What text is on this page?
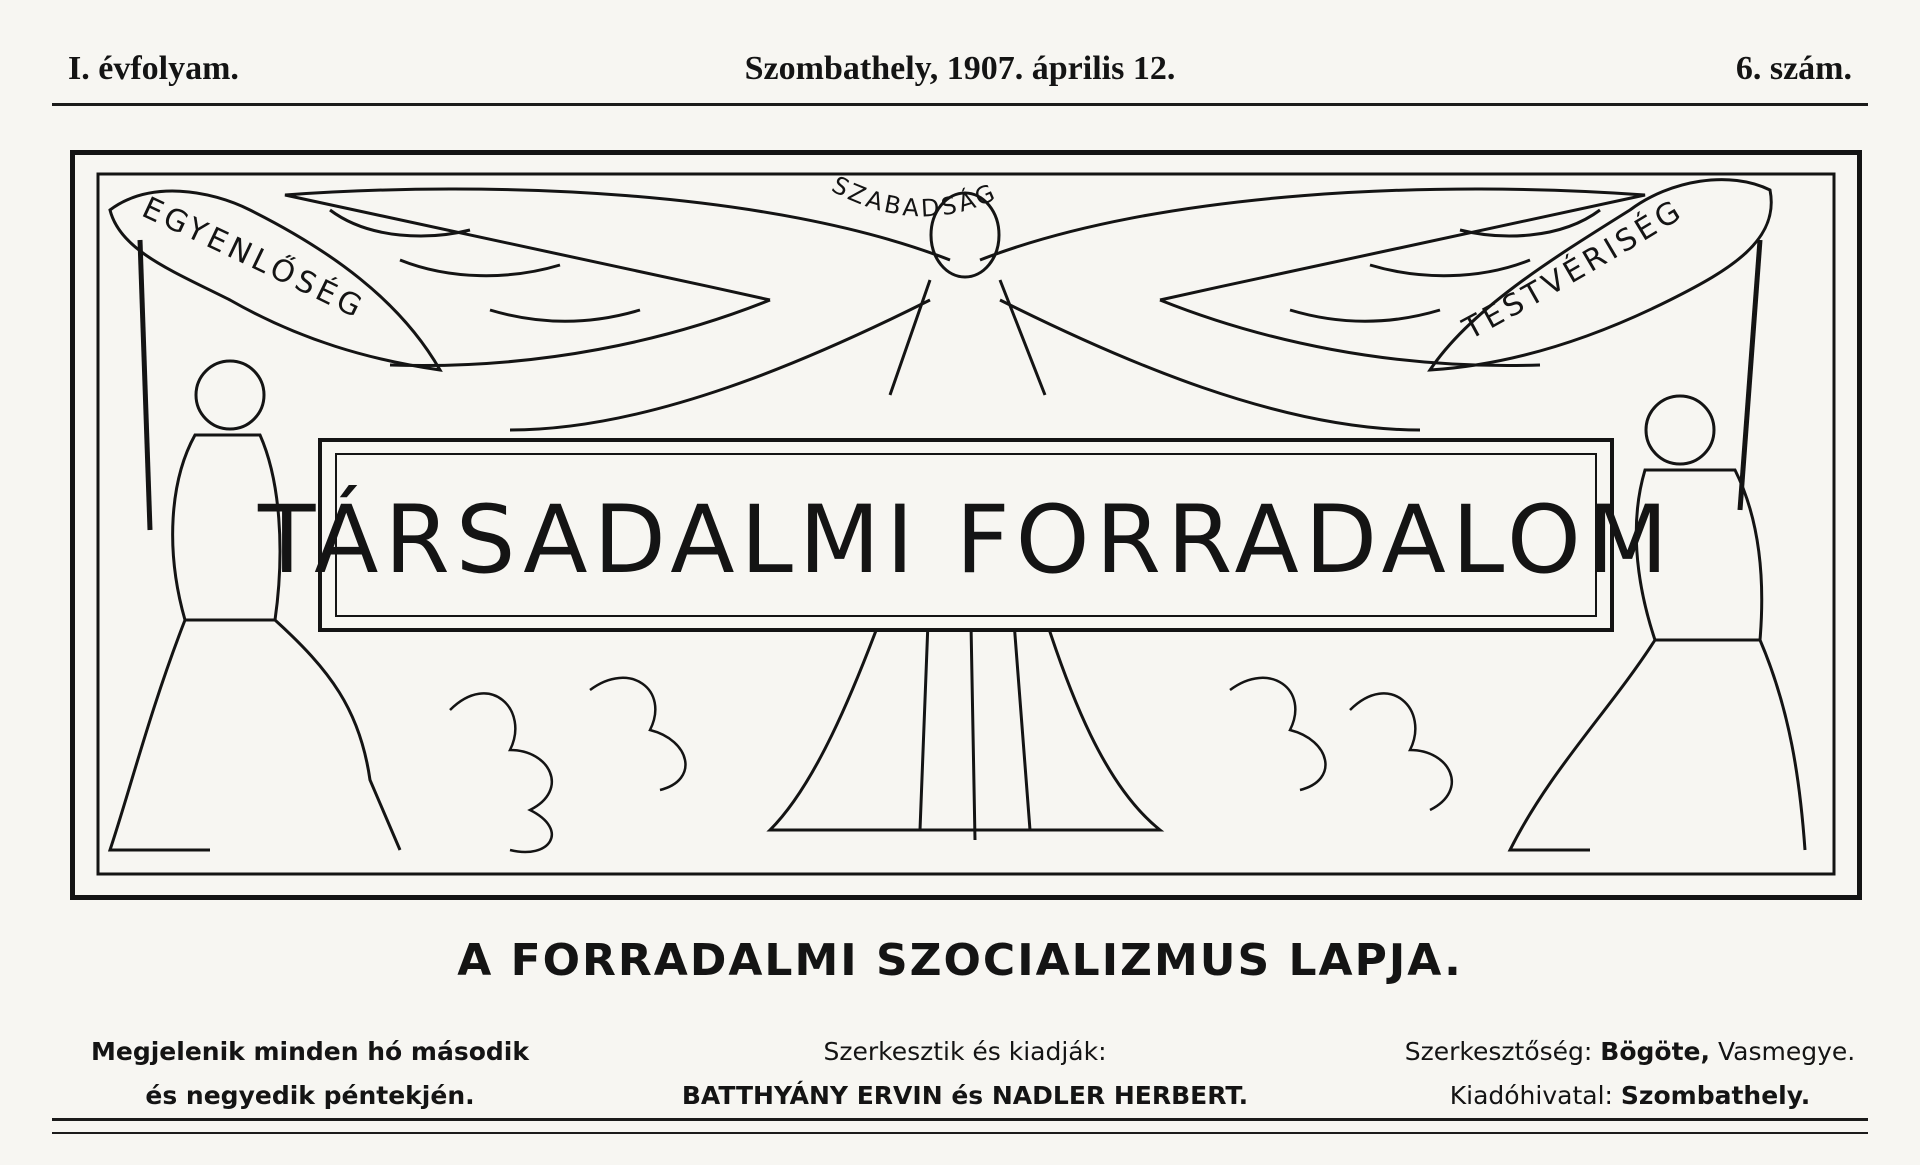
I. évfolyam.	Szombathely, 1907. április 12.	6. szám.
EGYENLŐSÉG	TESTVÉRISÉG
SZABADSÁG
TÁRSADALMI FORRADALOM
A FORRADALMI SZOCIALIZMUS LAPJA.
Megjelenik minden hó második
és negyedik péntekjén.
Szerkesztik és kiadják:
BATTHYÁNY ERVIN és NADLER HERBERT.
Szerkesztőség: Bögöte, Vasmegye.
Kiadóhivatal: Szombathely.
